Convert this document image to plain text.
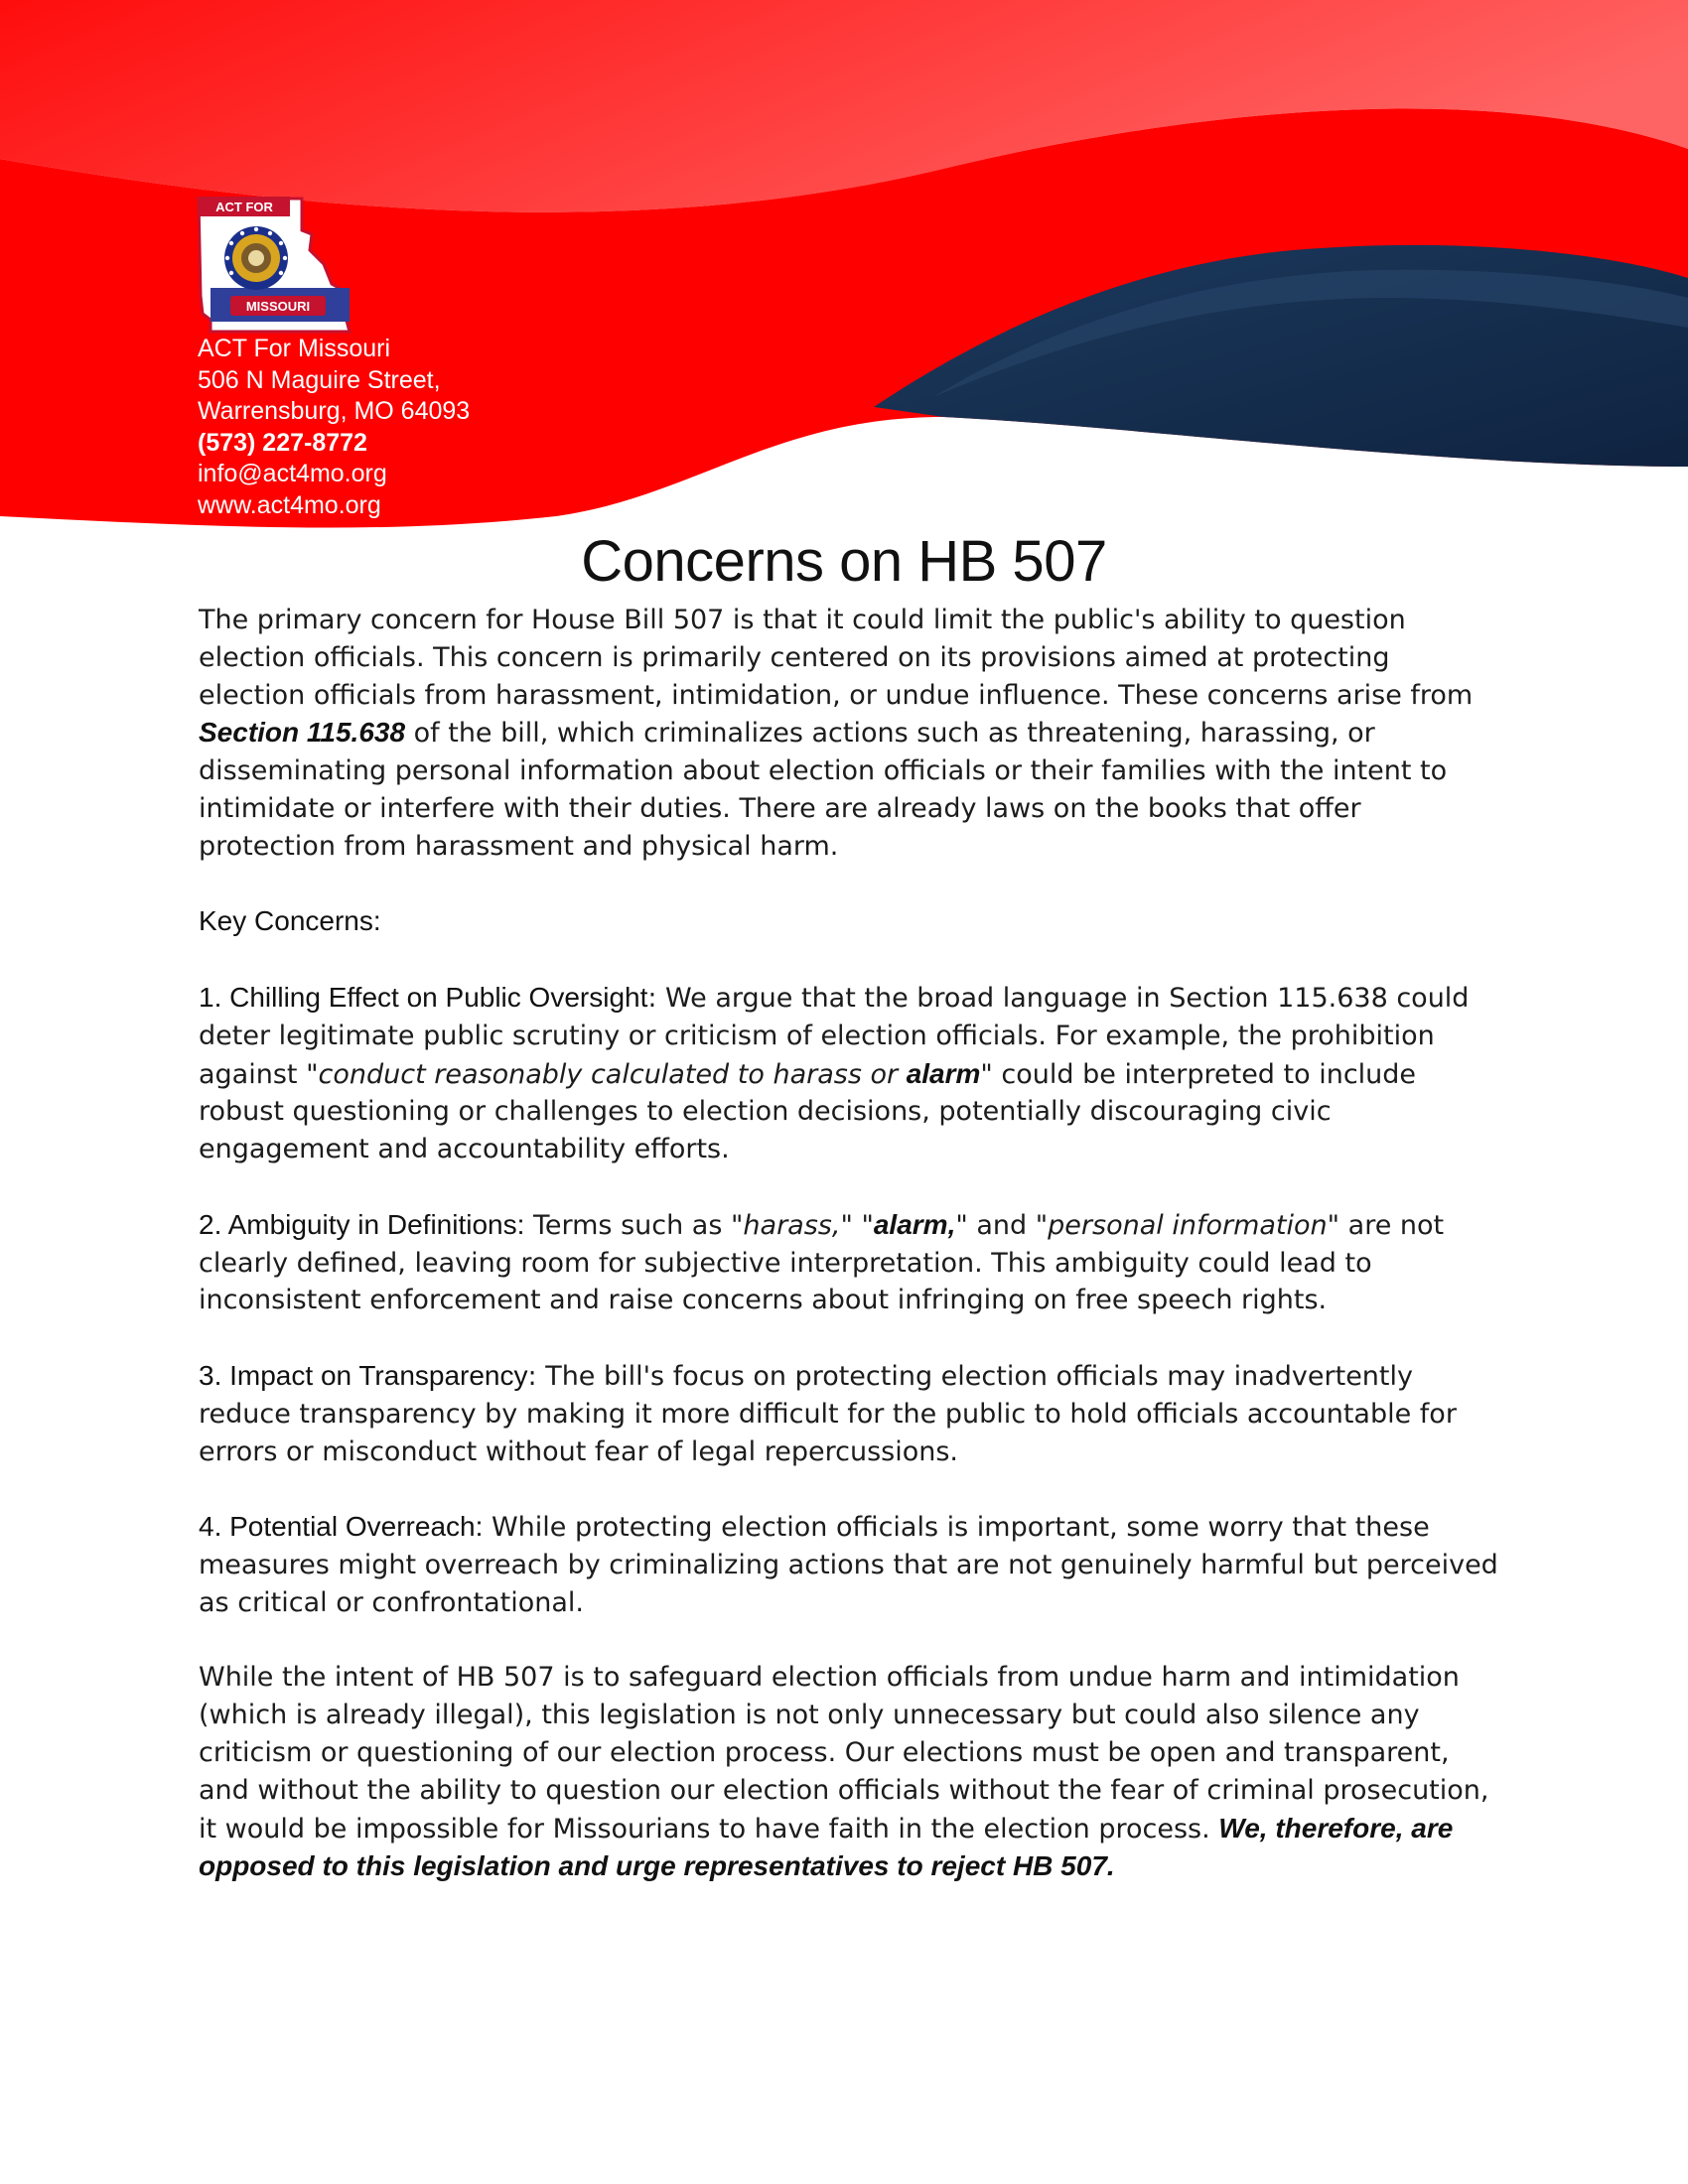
ACT FOR
MISSOURI
ACT For Missouri
506 N Maguire Street,
Warrensburg, MO 64093
(573) 227-8772
info@act4mo.org
www.act4mo.org
Concerns on HB 507

The primary concern for House Bill 507 is that it could limit the public's ability to question election officials. This concern is primarily centered on its provisions aimed at protecting election officials from harassment, intimidation, or undue influence. These concerns arise from Section 115.638 of the bill, which criminalizes actions such as threatening, harassing, or disseminating personal information about election officials or their families with the intent to intimidate or interfere with their duties. There are already laws on the books that offer protection from harassment and physical harm.

Key Concerns:

1. Chilling Effect on Public Oversight: We argue that the broad language in Section 115.638 could deter legitimate public scrutiny or criticism of election officials. For example, the prohibition against "conduct reasonably calculated to harass or alarm" could be interpreted to include robust questioning or challenges to election decisions, potentially discouraging civic engagement and accountability efforts.

2. Ambiguity in Definitions: Terms such as "harass," "alarm," and "personal information" are not clearly defined, leaving room for subjective interpretation. This ambiguity could lead to inconsistent enforcement and raise concerns about infringing on free speech rights.

3. Impact on Transparency: The bill's focus on protecting election officials may inadvertently reduce transparency by making it more difficult for the public to hold officials accountable for errors or misconduct without fear of legal repercussions.

4. Potential Overreach: While protecting election officials is important, some worry that these measures might overreach by criminalizing actions that are not genuinely harmful but perceived as critical or confrontational.

While the intent of HB 507 is to safeguard election officials from undue harm and intimidation (which is already illegal), this legislation is not only unnecessary but could also silence any criticism or questioning of our election process. Our elections must be open and transparent, and without the ability to question our election officials without the fear of criminal prosecution, it would be impossible for Missourians to have faith in the election process. We, therefore, are opposed to this legislation and urge representatives to reject HB 507.
